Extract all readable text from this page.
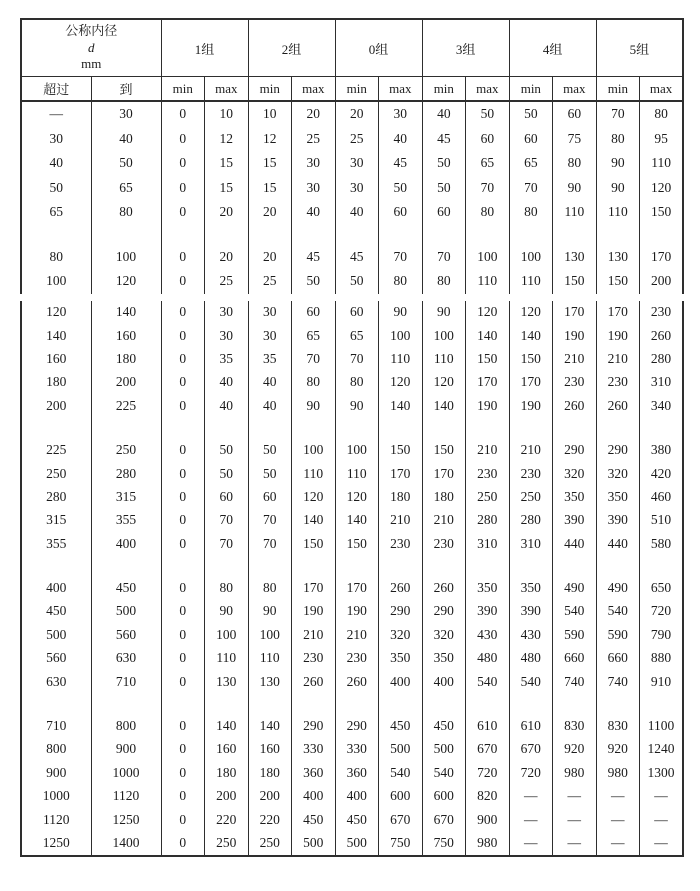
公称内径
d
mm		1组		2组		0组		3组		4组		5组	
超过	到	min	max	min	max	min	max	min	max	min	max	min	max
—	30	0	10	10	20	20	30	40	50	50	60	70	80
30	40	0	12	12	25	25	40	45	60	60	75	80	95
40	50	0	15	15	30	30	45	50	65	65	80	90	110
50	65	0	15	15	30	30	50	50	70	70	90	90	120
65	80	0	20	20	40	40	60	60	80	80	110	110	150

80	100	0	20	20	45	45	70	70	100	100	130	130	170
100	120	0	25	25	50	50	80	80	110	110	150	150	200
120	140	0	30	30	60	60	90	90	120	120	170	170	230
140	160	0	30	30	65	65	100	100	140	140	190	190	260
160	180	0	35	35	70	70	110	110	150	150	210	210	280
180	200	0	40	40	80	80	120	120	170	170	230	230	310
200	225	0	40	40	90	90	140	140	190	190	260	260	340

225	250	0	50	50	100	100	150	150	210	210	290	290	380
250	280	0	50	50	110	110	170	170	230	230	320	320	420
280	315	0	60	60	120	120	180	180	250	250	350	350	460
315	355	0	70	70	140	140	210	210	280	280	390	390	510
355	400	0	70	70	150	150	230	230	310	310	440	440	580

400	450	0	80	80	170	170	260	260	350	350	490	490	650
450	500	0	90	90	190	190	290	290	390	390	540	540	720
500	560	0	100	100	210	210	320	320	430	430	590	590	790
560	630	0	110	110	230	230	350	350	480	480	660	660	880
630	710	0	130	130	260	260	400	400	540	540	740	740	910

710	800	0	140	140	290	290	450	450	610	610	830	830	1100
800	900	0	160	160	330	330	500	500	670	670	920	920	1240
900	1000	0	180	180	360	360	540	540	720	720	980	980	1300
1000	1120	0	200	200	400	400	600	600	820	—	—	—	—
1120	1250	0	220	220	450	450	670	670	900	—	—	—	—
1250	1400	0	250	250	500	500	750	750	980	—	—	—	—
